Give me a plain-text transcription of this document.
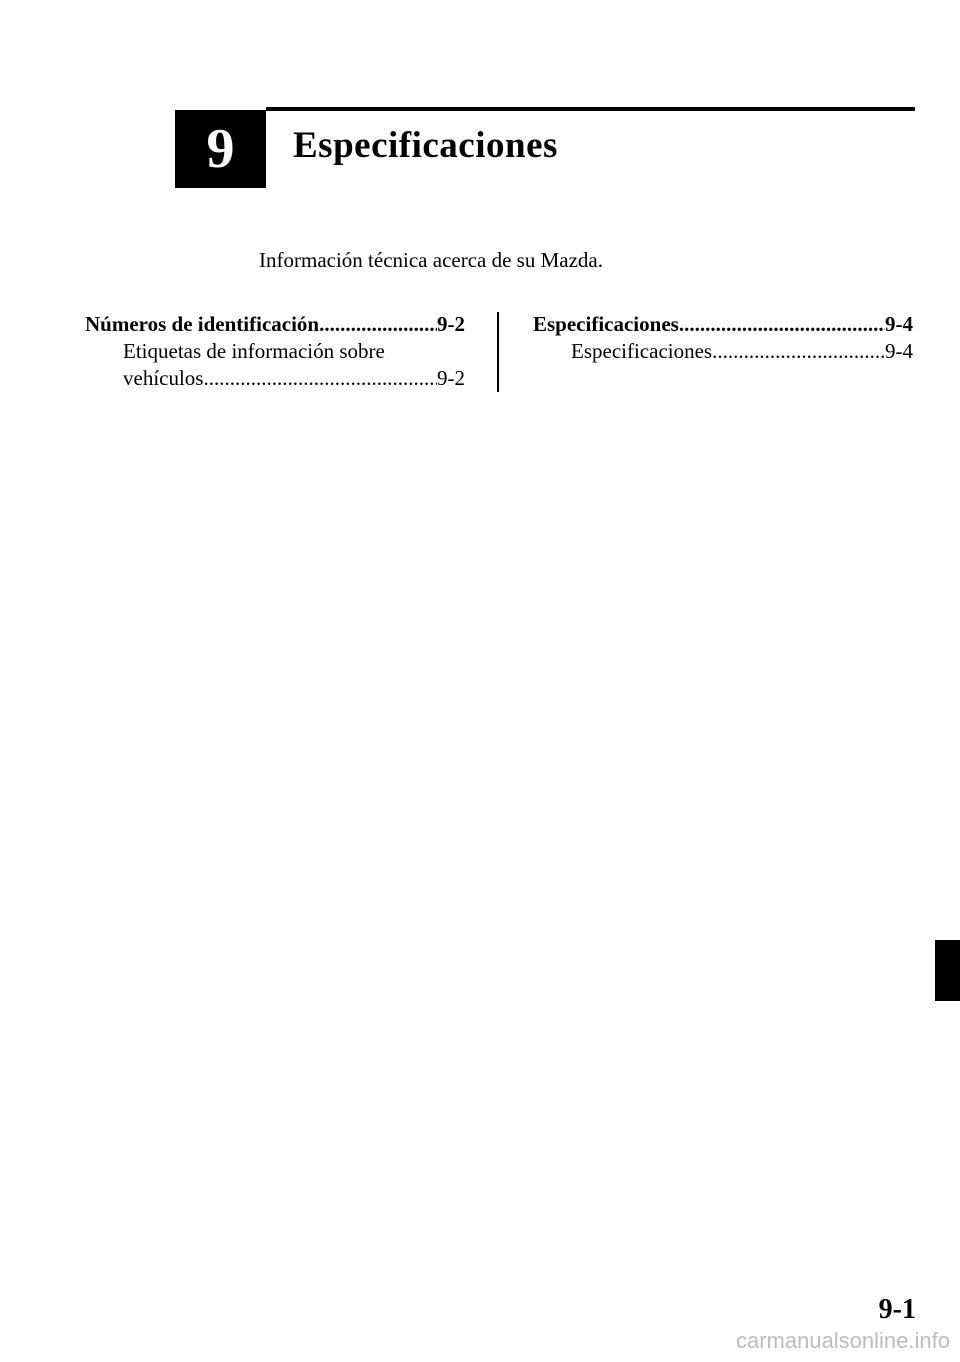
9 Especificaciones
Información técnica acerca de su Mazda.
Números de identificación .....	9-2
Etiquetas de información sobre
vehículos .....	9-2
Especificaciones .....	9-4
Especificaciones .....	9-4
9-1
carmanualsonline.info
